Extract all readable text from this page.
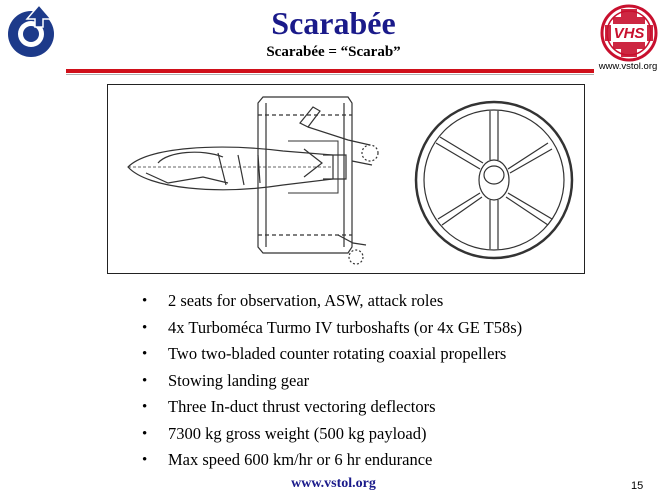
Scarabée
Scarabée = “Scarab”
VHS
www.vstol.org
• 2 seats for observation, ASW, attack roles
• 4x Turboméca Turmo IV turboshafts (or 4x GE T58s)
• Two two-bladed counter rotating coaxial propellers
• Stowing landing gear
• Three In-duct thrust vectoring deflectors
• 7300 kg gross weight (500 kg payload)
• Max speed 600 km/hr or 6 hr endurance
www.vstol.org	15
